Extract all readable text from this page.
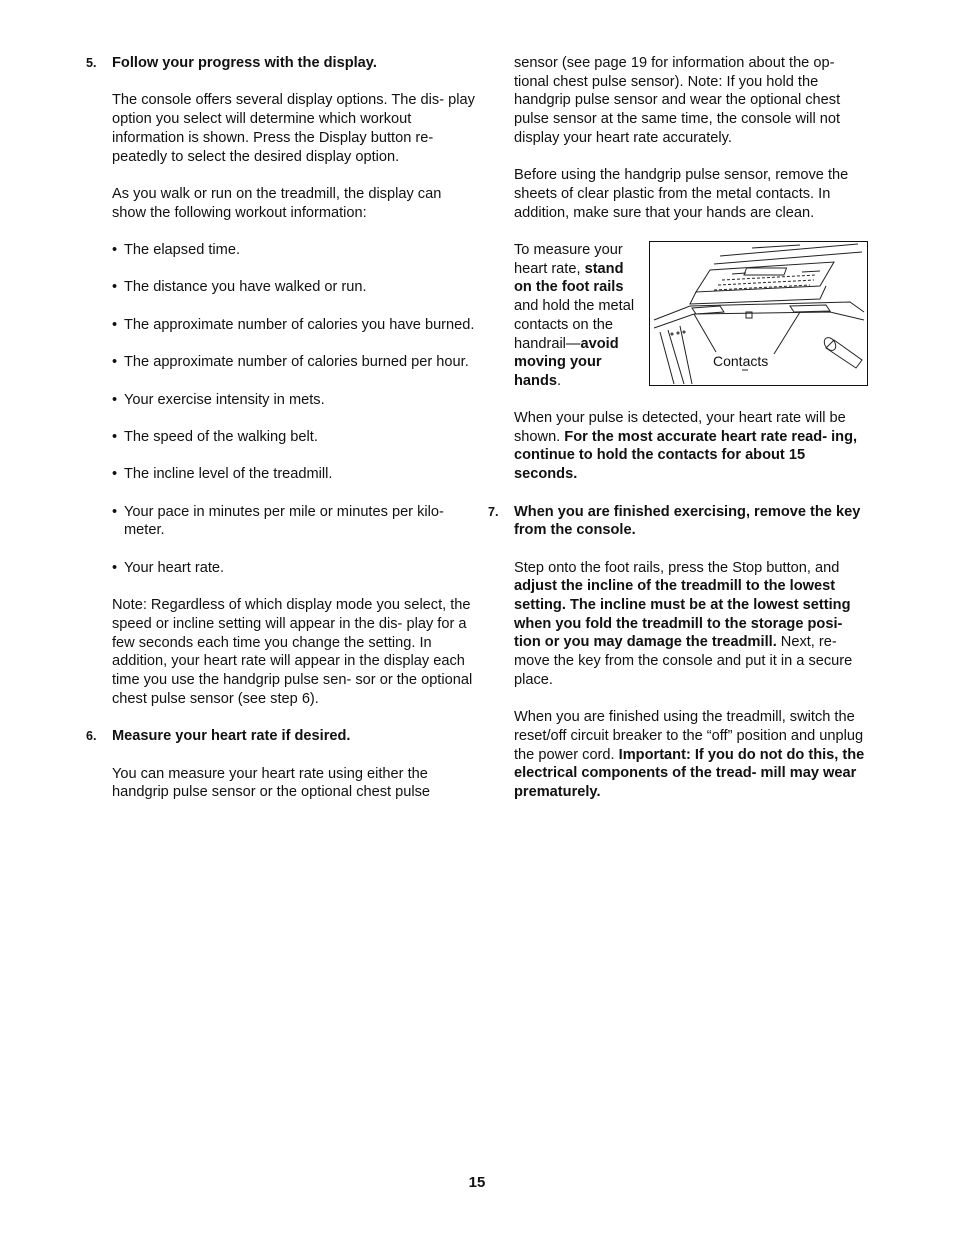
5. Follow your progress with the display.

The console offers several display options. The dis- play option you select will determine which workout information is shown. Press the Display button re- peatedly to select the desired display option.

As you walk or run on the treadmill, the display can show the following workout information:

• The elapsed time.
• The distance you have walked or run.
• The approximate number of calories you have burned.
• The approximate number of calories burned per hour.
• Your exercise intensity in mets.
• The speed of the walking belt.
• The incline level of the treadmill.
• Your pace in minutes per mile or minutes per kilo- meter.
• Your heart rate.

Note: Regardless of which display mode you select, the speed or incline setting will appear in the dis- play for a few seconds each time you change the setting. In addition, your heart rate will appear in the display each time you use the handgrip pulse sen- sor or the optional chest pulse sensor (see step 6).

6. Measure your heart rate if desired.

You can measure your heart rate using either the handgrip pulse sensor or the optional chest pulse

sensor (see page 19 for information about the op- tional chest pulse sensor). Note: If you hold the handgrip pulse sensor and wear the optional chest pulse sensor at the same time, the console will not display your heart rate accurately.

Before using the handgrip pulse sensor, remove the sheets of clear plastic from the metal contacts. In addition, make sure that your hands are clean.

To measure your heart rate, stand on the foot rails and hold the metal contacts on the handrail—avoid moving your hands.

Contacts

When your pulse is detected, your heart rate will be shown. For the most accurate heart rate read- ing, continue to hold the contacts for about 15 seconds.

7. When you are finished exercising, remove the key from the console.

Step onto the foot rails, press the Stop button, and adjust the incline of the treadmill to the lowest setting. The incline must be at the lowest setting when you fold the treadmill to the storage posi- tion or you may damage the treadmill. Next, re- move the key from the console and put it in a secure place.

When you are finished using the treadmill, switch the reset/off circuit breaker to the “off” position and unplug the power cord. Important: If you do not do this, the electrical components of the tread- mill may wear prematurely.

15
